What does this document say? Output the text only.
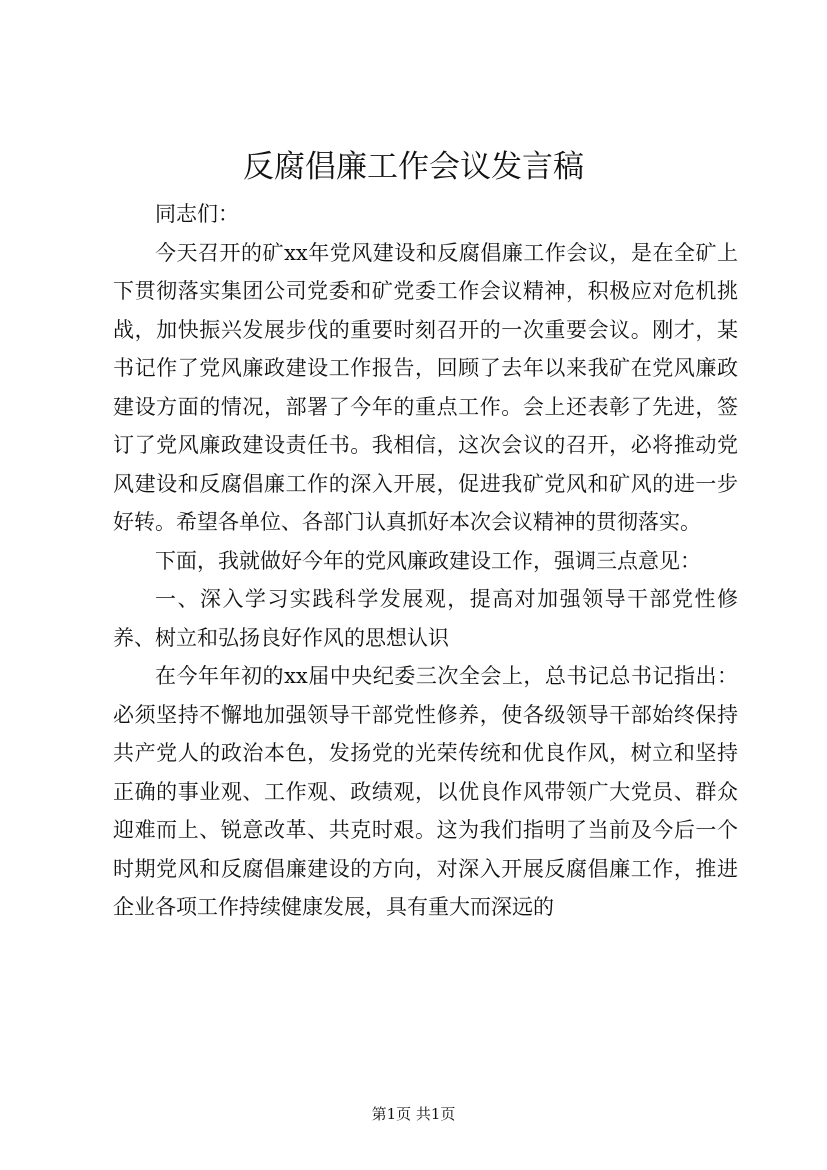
反腐倡廉工作会议发言稿

同志们：

今天召开的矿xx年党风建设和反腐倡廉工作会议，是在全矿上下贯彻落实集团公司党委和矿党委工作会议精神，积极应对危机挑战，加快振兴发展步伐的重要时刻召开的一次重要会议。刚才，某书记作了党风廉政建设工作报告，回顾了去年以来我矿在党风廉政建设方面的情况，部署了今年的重点工作。会上还表彰了先进，签订了党风廉政建设责任书。我相信，这次会议的召开，必将推动党风建设和反腐倡廉工作的深入开展，促进我矿党风和矿风的进一步好转。希望各单位、各部门认真抓好本次会议精神的贯彻落实。

下面，我就做好今年的党风廉政建设工作，强调三点意见：

一、深入学习实践科学发展观，提高对加强领导干部党性修养、树立和弘扬良好作风的思想认识

在今年年初的xx届中央纪委三次全会上，总书记总书记指出：必须坚持不懈地加强领导干部党性修养，使各级领导干部始终保持共产党人的政治本色，发扬党的光荣传统和优良作风，树立和坚持正确的事业观、工作观、政绩观，以优良作风带领广大党员、群众迎难而上、锐意改革、共克时艰。这为我们指明了当前及今后一个时期党风和反腐倡廉建设的方向，对深入开展反腐倡廉工作，推进企业各项工作持续健康发展，具有重大而深远的

第1页 共1页
